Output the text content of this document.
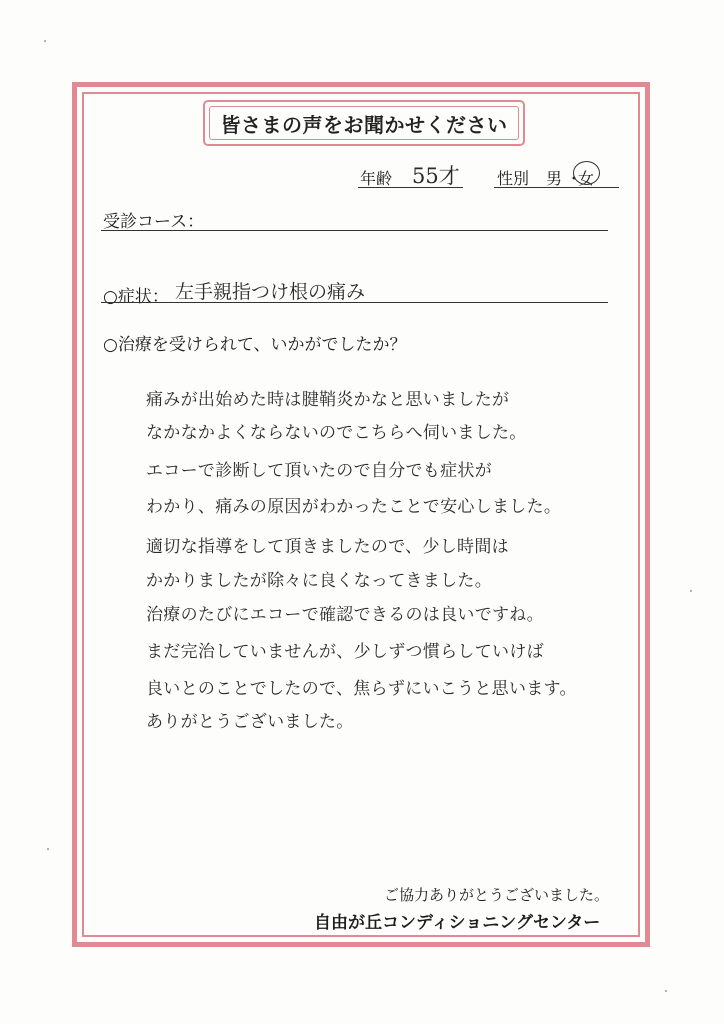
皆さまの声をお聞かせください
年齢 55才 性別 男 ・
女
受診コース：
○症状： 左手親指つけ根の痛み
○治療を受けられて、いかがでしたか？
痛みが出始めた時は腱鞘炎かなと思いましたが
なかなかよくならないのでこちらへ伺いました。
エコーで診断して頂いたので自分でも症状が
わかり、痛みの原因がわかったことで安心しました。
適切な指導をして頂きましたので、少し時間は
かかりましたが除々に良くなってきました。
治療のたびにエコーで確認できるのは良いですね。
まだ完治していませんが、少しずつ慣らしていけば
良いとのことでしたので、焦らずにいこうと思います。
ありがとうございました。
ご協力ありがとうございました。
自由が丘コンディショニングセンター
